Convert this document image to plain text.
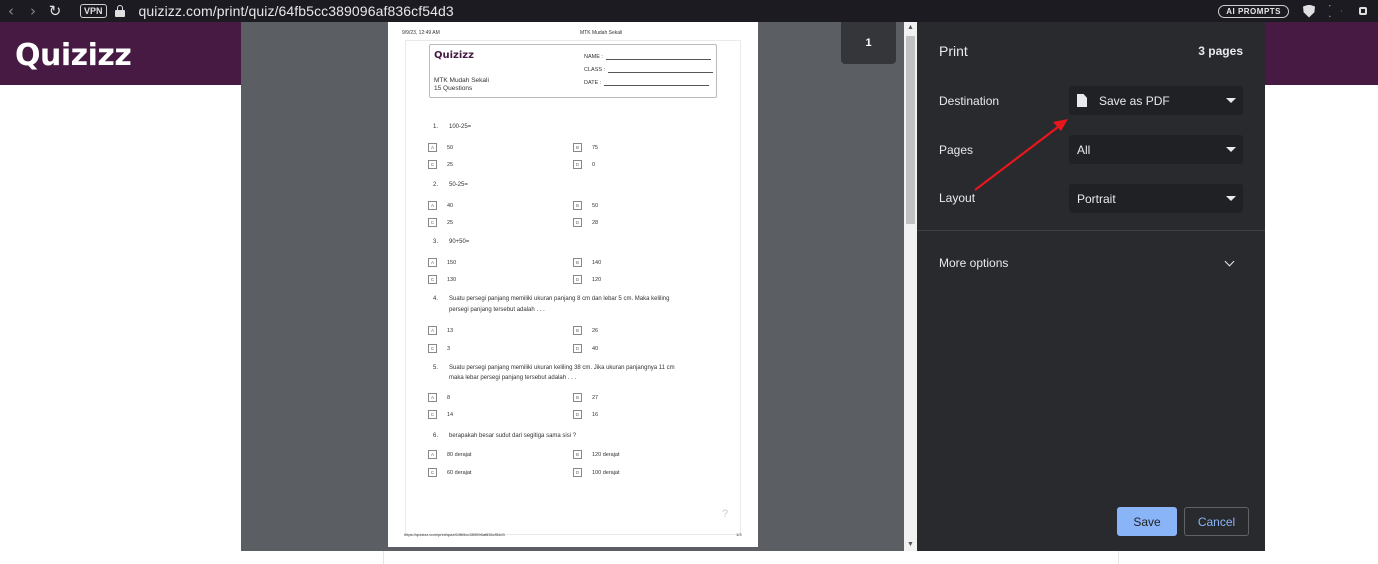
‹	› ↻	VPN	quizizz.com/print/quiz/64fb5cc389096af836cf54d3	AI PROMPTS
Quizizz
▲
▼
1
9/9/23, 12:49 AM	MTK Mudah Sekali
Quizizz
MTK Mudah Sekali
15 Questions
NAME :
CLASS :
DATE :
1. 100-25=
A	50	B	75
C	25	D	0
2. 50-25=
A	40	B	50
C	25	D	28
3. 90+50=
A	150	B	140
C	130	D	120
4. Suatu persegi panjang memiliki ukuran panjang 8 cm dan lebar 5 cm. Maka keliling
persegi panjang tersebut adalah . . .
A	13	B	26
C	3	D	40
5. Suatu persegi panjang memiliki ukuran keliling 38 cm. Jika ukuran panjangnya 11 cm
maka lebar persegi panjang tersebut adalah . . .
A	8	B	27
C	14	D	16
6. berapakah besar sudut dari segitiga sama sisi ?
A	80 derajat	B	120 derajat
C	60 derajat	D	100 derajat
?
https://quizizz.com/print/quiz/64fb5cc389096af836cf54d3	1/3
Print	3 pages
Destination	Save as PDF
Pages	All
Layout	Portrait
More options
Save	Cancel
